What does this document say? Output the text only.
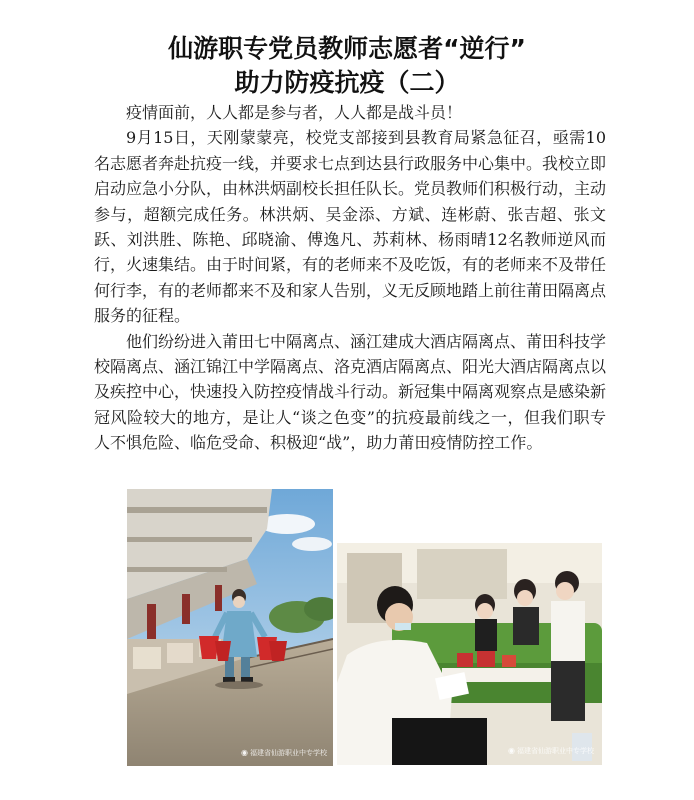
仙游职专党员教师志愿者“逆行”
助力防疫抗疫（二）

疫情面前，人人都是参与者，人人都是战斗员！

9月15日，天刚蒙蒙亮，校党支部接到县教育局紧急征召，亟需10名志愿者奔赴抗疫一线，并要求七点到达县行政服务中心集中。我校立即启动应急小分队，由林洪炳副校长担任队长。党员教师们积极行动，主动参与，超额完成任务。林洪炳、吴金添、方斌、连彬蔚、张吉超、张文跃、刘洪胜、陈艳、邱晓渝、傅逸凡、苏莉林、杨雨晴12名教师逆风而行，火速集结。由于时间紧，有的老师来不及吃饭，有的老师来不及带任何行李，有的老师都来不及和家人告别，义无反顾地踏上前往莆田隔离点服务的征程。

他们纷纷进入莆田七中隔离点、涵江建成大酒店隔离点、莆田科技学校隔离点、涵江锦江中学隔离点、洛克酒店隔离点、阳光大酒店隔离点以及疾控中心，快速投入防控疫情战斗行动。新冠集中隔离观察点是感染新冠风险较大的地方，是让人“谈之色变”的抗疫最前线之一，但我们职专人不惧危险、临危受命、积极迎“战”，助力莆田疫情防控工作。

◉ 福建省仙游职业中专学校	◉ 福建省仙游职业中专学校
